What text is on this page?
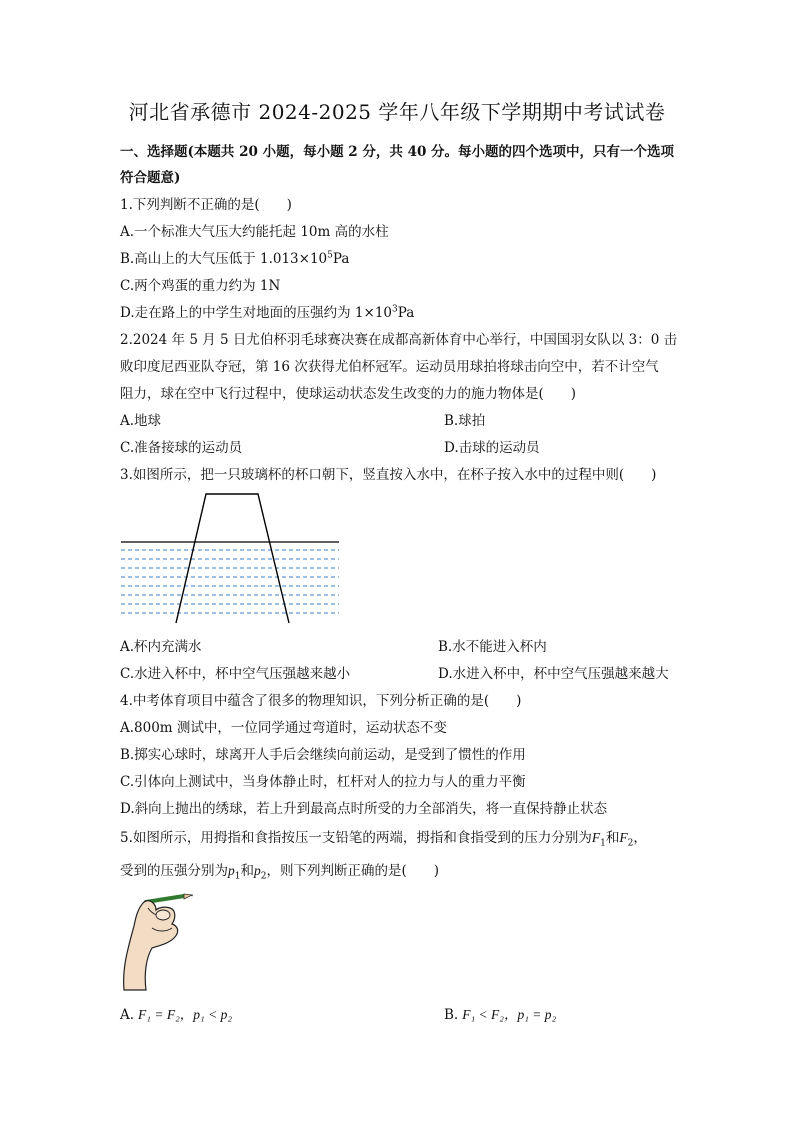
河北省承德市 2024-2025 学年八年级下学期期中考试试卷
一、选择题(本题共 20 小题，每小题 2 分，共 40 分。每小题的四个选项中，只有一个选项
符合题意)
1.下列判断不正确的是(　　)
A.一个标准大气压大约能托起 10m 高的水柱
B.高山上的大气压低于 $1.013\times 10^5Pa$
C.两个鸡蛋的重力约为 1N
D.走在路上的中学生对地面的压强约为 $1\times 10^3Pa$
2.2024 年 5 月 5 日尤伯杯羽毛球赛决赛在成都高新体育中心举行，中国国羽女队以 3：0 击
败印度尼西亚队夺冠，第 16 次获得尤伯杯冠军。运动员用球拍将球击向空中，若不计空气
阻力，球在空中飞行过程中，使球运动状态发生改变的力的施力物体是(　　)
A.地球	B.球拍
C.准备接球的运动员	D.击球的运动员
3.如图所示，把一只玻璃杯的杯口朝下，竖直按入水中，在杯子按入水中的过程中则(　　)
A.杯内充满水	B.水不能进入杯内
C.水进入杯中，杯中空气压强越来越小	D.水进入杯中，杯中空气压强越来越大
4.中考体育项目中蕴含了很多的物理知识，下列分析正确的是(　　)
A.800m 测试中，一位同学通过弯道时，运动状态不变
B.掷实心球时，球离开人手后会继续向前运动，是受到了惯性的作用
C.引体向上测试中，当身体静止时，杠杆对人的拉力与人的重力平衡
D.斜向上抛出的绣球，若上升到最高点时所受的力全部消失，将一直保持静止状态
5.如图所示，用拇指和食指按压一支铅笔的两端，拇指和食指受到的压力分别为$F_1$和$F_2$，
受到的压强分别为$p_1$和$p_2$，则下列判断正确的是(　　)
A. F₁ = F₂，p₁ < p₂	B. F₁ < F₂，p₁ = p₂
